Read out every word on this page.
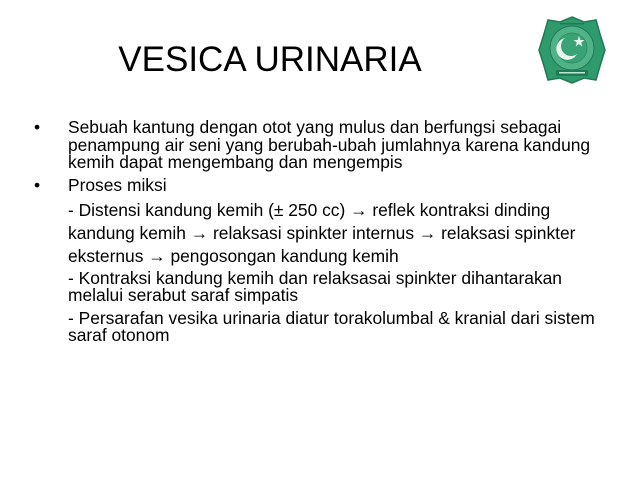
VESICA URINARIA
•	Sebuah kantung dengan otot yang mulus dan berfungsi sebagai penampung air seni yang berubah-ubah jumlahnya karena kandung kemih dapat mengembang dan mengempis
•	Proses miksi
- Distensi kandung kemih (± 250 cc) → reflek kontraksi dinding kandung kemih → relaksasi spinkter internus → relaksasi spinkter eksternus → pengosongan kandung kemih
- Kontraksi kandung kemih dan relaksasai spinkter dihantarakan melalui serabut saraf simpatis
- Persarafan vesika urinaria diatur torakolumbal & kranial dari sistem saraf otonom
